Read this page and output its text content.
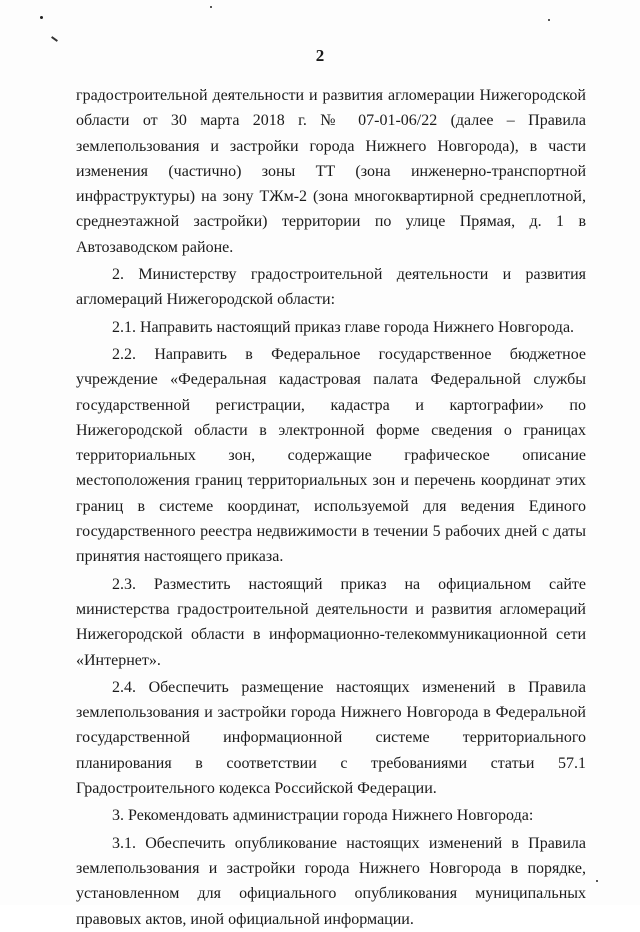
2

градостроительной деятельности и развития агломерации Нижегородской области от 30 марта 2018 г. № 07-01-06/22 (далее – Правила землепользования и застройки города Нижнего Новгорода), в части изменения (частично) зоны ТТ (зона инженерно-транспортной инфраструктуры) на зону ТЖм-2 (зона многоквартирной среднеплотной, среднеэтажной застройки) территории по улице Прямая, д. 1 в Автозаводском районе.

2. Министерству градостроительной деятельности и развития агломераций Нижегородской области:

2.1. Направить настоящий приказ главе города Нижнего Новгорода.

2.2. Направить в Федеральное государственное бюджетное учреждение «Федеральная кадастровая палата Федеральной службы государственной регистрации, кадастра и картографии» по Нижегородской области в электронной форме сведения о границах территориальных зон, содержащие графическое описание местоположения границ территориальных зон и перечень координат этих границ в системе координат, используемой для ведения Единого государственного реестра недвижимости в течении 5 рабочих дней с даты принятия настоящего приказа.

2.3. Разместить настоящий приказ на официальном сайте министерства градостроительной деятельности и развития агломераций Нижегородской области в информационно-телекоммуникационной сети «Интернет».

2.4. Обеспечить размещение настоящих изменений в Правила землепользования и застройки города Нижнего Новгорода в Федеральной государственной информационной системе территориального планирования в соответствии с требованиями статьи 57.1 Градостроительного кодекса Российской Федерации.

3. Рекомендовать администрации города Нижнего Новгорода:

3.1. Обеспечить опубликование настоящих изменений в Правила землепользования и застройки города Нижнего Новгорода в порядке, установленном для официального опубликования муниципальных правовых актов, иной официальной информации.
